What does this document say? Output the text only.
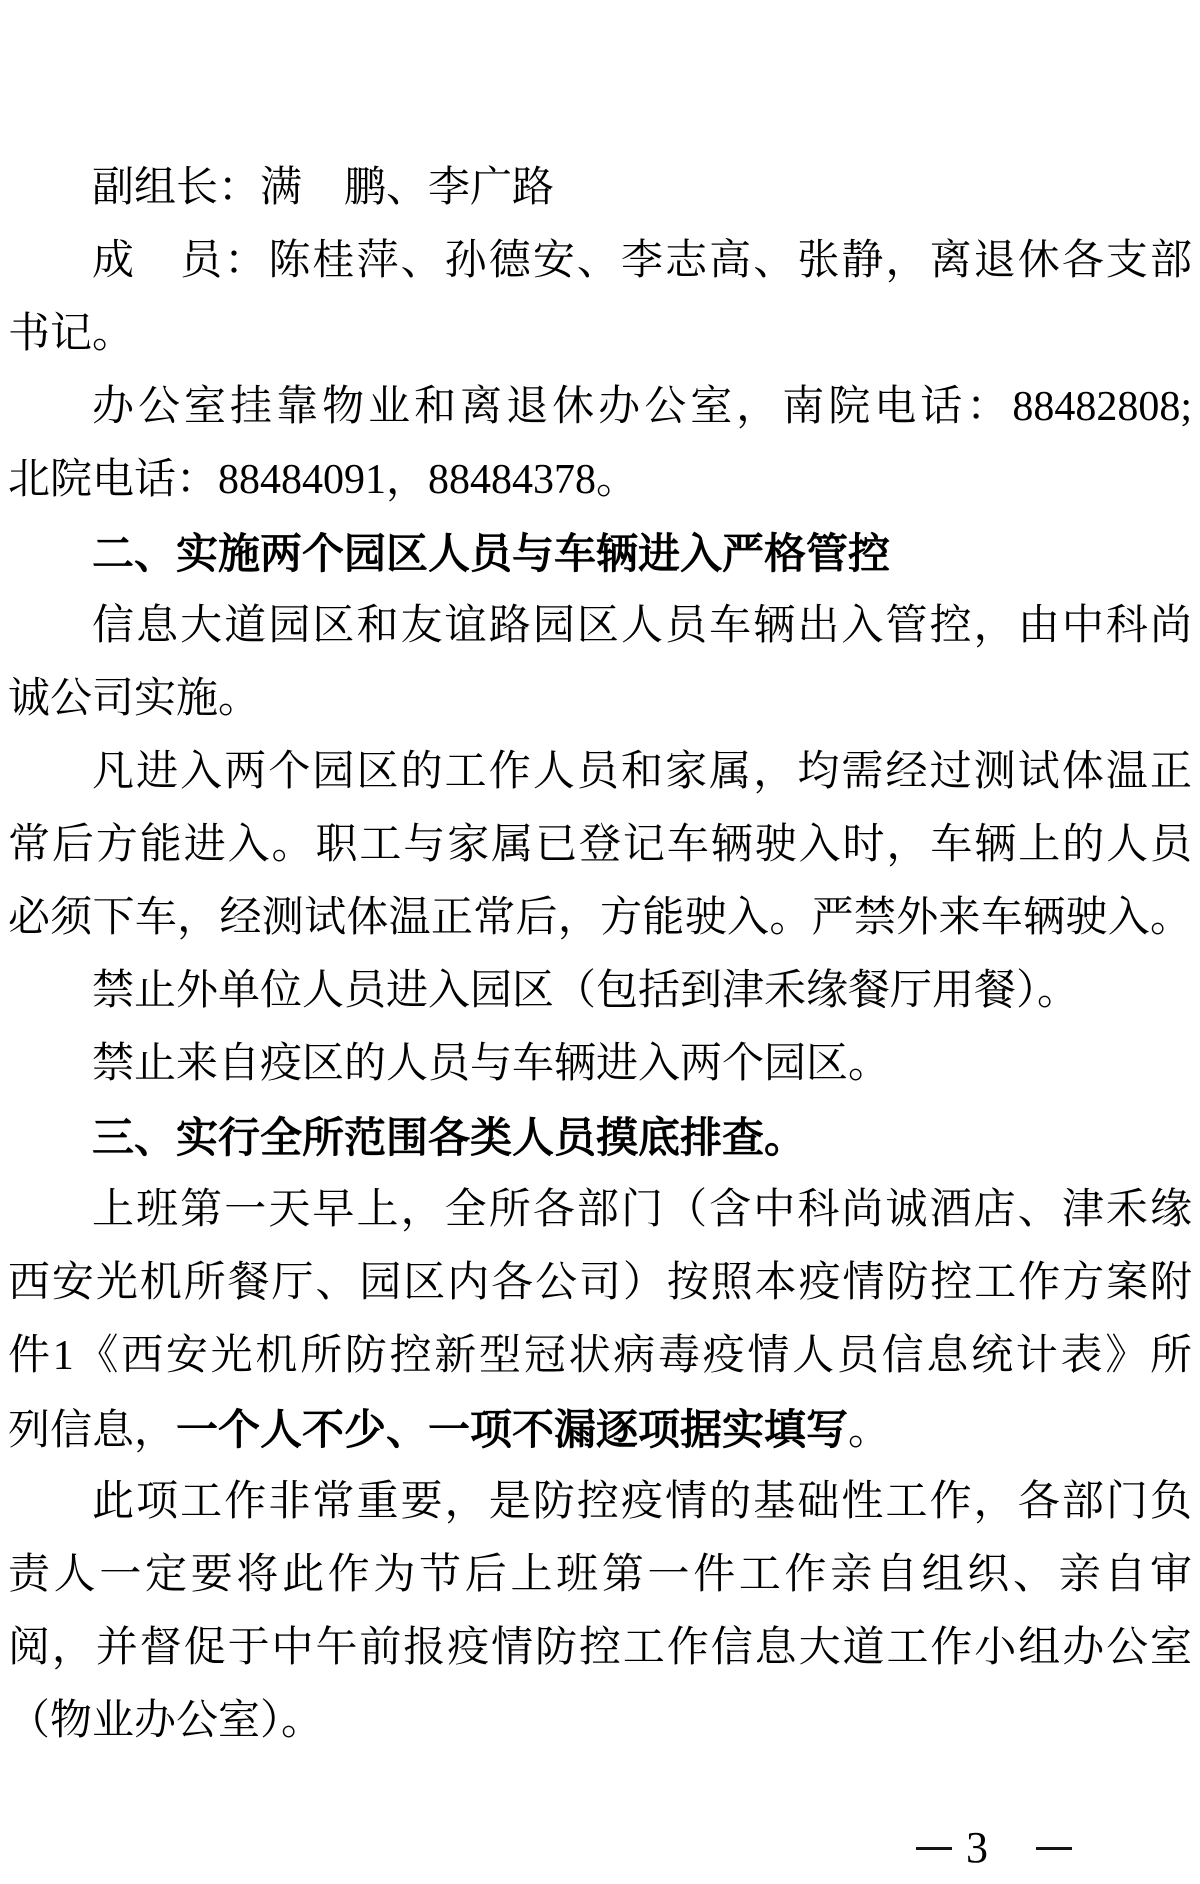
副组长：满　鹏、李广路
成　员：陈桂萍、孙德安、李志高、张静，离退休各支部
书记。
办公室挂靠物业和离退休办公室，南院电话：88482808;
北院电话：88484091，88484378。
二、实施两个园区人员与车辆进入严格管控
信息大道园区和友谊路园区人员车辆出入管控，由中科尚
诚公司实施。
凡进入两个园区的工作人员和家属，均需经过测试体温正
常后方能进入。职工与家属已登记车辆驶入时，车辆上的人员
必须下车，经测试体温正常后，方能驶入。严禁外来车辆驶入。
禁止外单位人员进入园区（包括到津禾缘餐厅用餐）。
禁止来自疫区的人员与车辆进入两个园区。
三、实行全所范围各类人员摸底排查。
上班第一天早上，全所各部门（含中科尚诚酒店、津禾缘
西安光机所餐厅、园区内各公司）按照本疫情防控工作方案附
件1《西安光机所防控新型冠状病毒疫情人员信息统计表》所
列信息，一个人不少、一项不漏逐项据实填写。
此项工作非常重要，是防控疫情的基础性工作，各部门负
责人一定要将此作为节后上班第一件工作亲自组织、亲自审
阅，并督促于中午前报疫情防控工作信息大道工作小组办公室
（物业办公室）。
3
